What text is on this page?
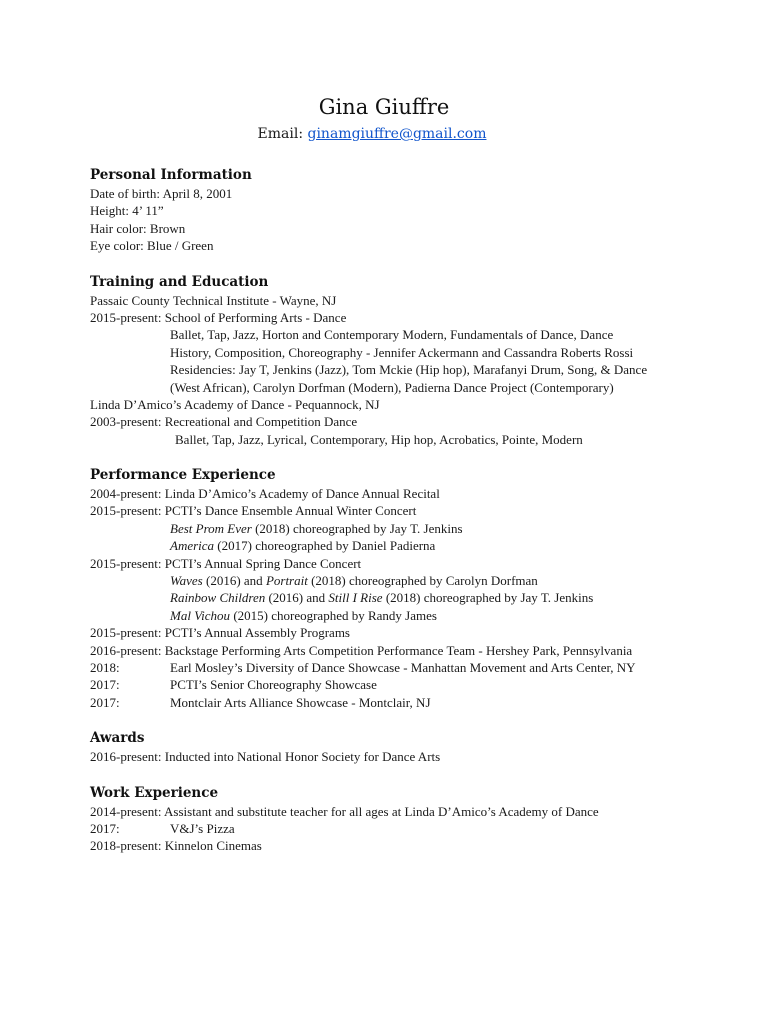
Gina Giuffre
Email: ginamgiuffre@gmail.com
Personal Information
Date of birth: April 8, 2001
Height: 4’ 11”
Hair color: Brown
Eye color: Blue / Green
Training and Education
Passaic County Technical Institute - Wayne, NJ
2015-present: School of Performing Arts - Dance
Ballet, Tap, Jazz, Horton and Contemporary Modern, Fundamentals of Dance, Dance
History, Composition, Choreography - Jennifer Ackermann and Cassandra Roberts Rossi
Residencies: Jay T, Jenkins (Jazz), Tom Mckie (Hip hop), Marafanyi Drum, Song, & Dance
(West African), Carolyn Dorfman (Modern), Padierna Dance Project (Contemporary)
Linda D’Amico’s Academy of Dance - Pequannock, NJ
2003-present: Recreational and Competition Dance
Ballet, Tap, Jazz, Lyrical, Contemporary, Hip hop, Acrobatics, Pointe, Modern
Performance Experience
2004-present: Linda D’Amico’s Academy of Dance Annual Recital
2015-present: PCTI’s Dance Ensemble Annual Winter Concert
Best Prom Ever (2018) choreographed by Jay T. Jenkins
America (2017) choreographed by Daniel Padierna
2015-present: PCTI’s Annual Spring Dance Concert
Waves (2016) and Portrait (2018) choreographed by Carolyn Dorfman
Rainbow Children (2016) and Still I Rise (2018) choreographed by Jay T. Jenkins
Mal Vichou (2015) choreographed by Randy James
2015-present: PCTI’s Annual Assembly Programs
2016-present: Backstage Performing Arts Competition Performance Team - Hershey Park, Pennsylvania
2018:	Earl Mosley’s Diversity of Dance Showcase - Manhattan Movement and Arts Center, NY
2017:	PCTI’s Senior Choreography Showcase
2017:	Montclair Arts Alliance Showcase - Montclair, NJ
Awards
2016-present: Inducted into National Honor Society for Dance Arts
Work Experience
2014-present: Assistant and substitute teacher for all ages at Linda D’Amico’s Academy of Dance
2017:	V&J’s Pizza
2018-present: Kinnelon Cinemas
